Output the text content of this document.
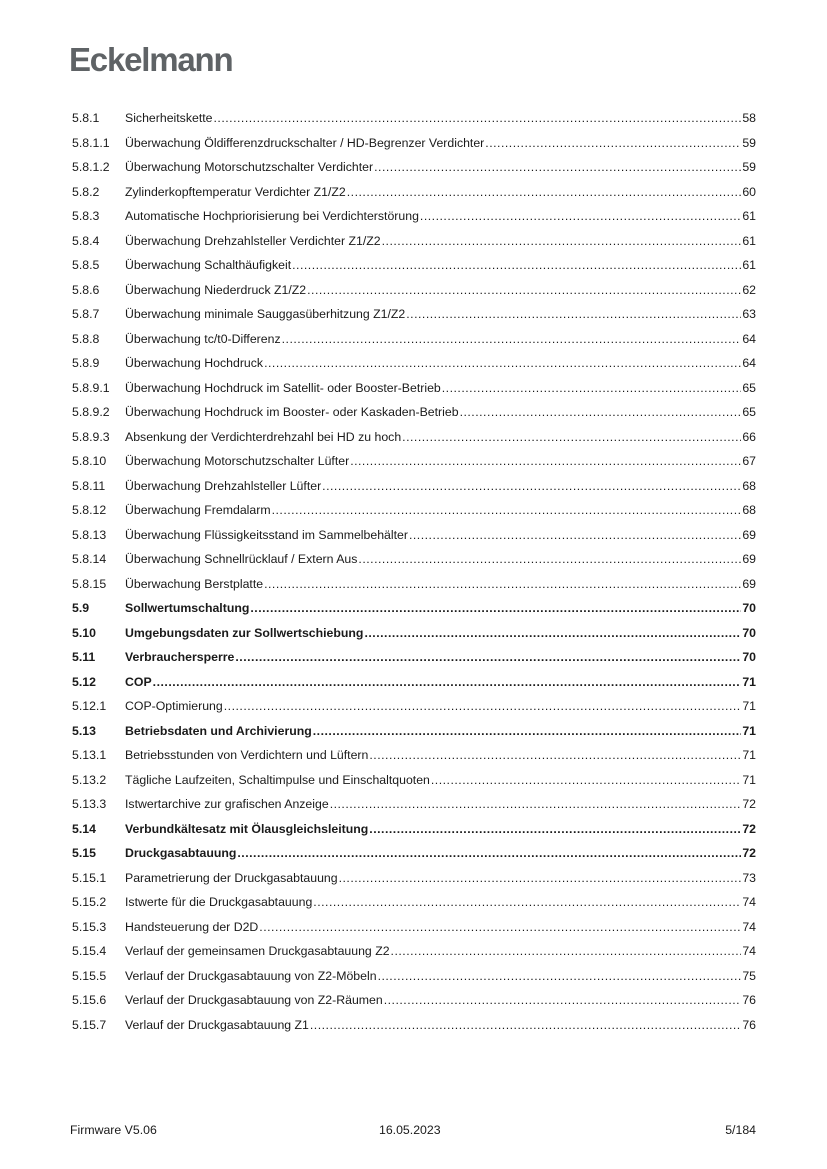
Eckelmann
5.8.1	Sicherheitskette .....	58
5.8.1.1	Überwachung Öldifferenzdruckschalter / HD-Begrenzer Verdichter .....	59
5.8.1.2	Überwachung Motorschutzschalter Verdichter .....	59
5.8.2	Zylinderkopftemperatur Verdichter Z1/Z2 .....	60
5.8.3	Automatische Hochpriorisierung bei Verdichterstörung .....	61
5.8.4	Überwachung Drehzahlsteller Verdichter Z1/Z2 .....	61
5.8.5	Überwachung Schalthäufigkeit .....	61
5.8.6	Überwachung Niederdruck Z1/Z2 .....	62
5.8.7	Überwachung minimale Sauggasüberhitzung Z1/Z2 .....	63
5.8.8	Überwachung tc/t0-Differenz .....	64
5.8.9	Überwachung Hochdruck .....	64
5.8.9.1	Überwachung Hochdruck im Satellit- oder Booster-Betrieb .....	65
5.8.9.2	Überwachung Hochdruck im Booster- oder Kaskaden-Betrieb .....	65
5.8.9.3	Absenkung der Verdichterdrehzahl bei HD zu hoch .....	66
5.8.10	Überwachung Motorschutzschalter Lüfter .....	67
5.8.11	Überwachung Drehzahlsteller Lüfter .....	68
5.8.12	Überwachung Fremdalarm .....	68
5.8.13	Überwachung Flüssigkeitsstand im Sammelbehälter .....	69
5.8.14	Überwachung Schnellrücklauf / Extern Aus .....	69
5.8.15	Überwachung Berstplatte .....	69
5.9	Sollwertumschaltung .....	70
5.10	Umgebungsdaten zur Sollwertschiebung .....	70
5.11	Verbrauchersperre .....	70
5.12	COP .....	71
5.12.1	COP-Optimierung .....	71
5.13	Betriebsdaten und Archivierung .....	71
5.13.1	Betriebsstunden von Verdichtern und Lüftern .....	71
5.13.2	Tägliche Laufzeiten, Schaltimpulse und Einschaltquoten .....	71
5.13.3	Istwertarchive zur grafischen Anzeige .....	72
5.14	Verbundkältesatz mit Ölausgleichsleitung .....	72
5.15	Druckgasabtauung .....	72
5.15.1	Parametrierung der Druckgasabtauung .....	73
5.15.2	Istwerte für die Druckgasabtauung .....	74
5.15.3	Handsteuerung der D2D .....	74
5.15.4	Verlauf der gemeinsamen Druckgasabtauung Z2 .....	74
5.15.5	Verlauf der Druckgasabtauung von Z2-Möbeln .....	75
5.15.6	Verlauf der Druckgasabtauung von Z2-Räumen .....	76
5.15.7	Verlauf der Druckgasabtauung Z1 .....	76
Firmware V5.06	16.05.2023	5/184
